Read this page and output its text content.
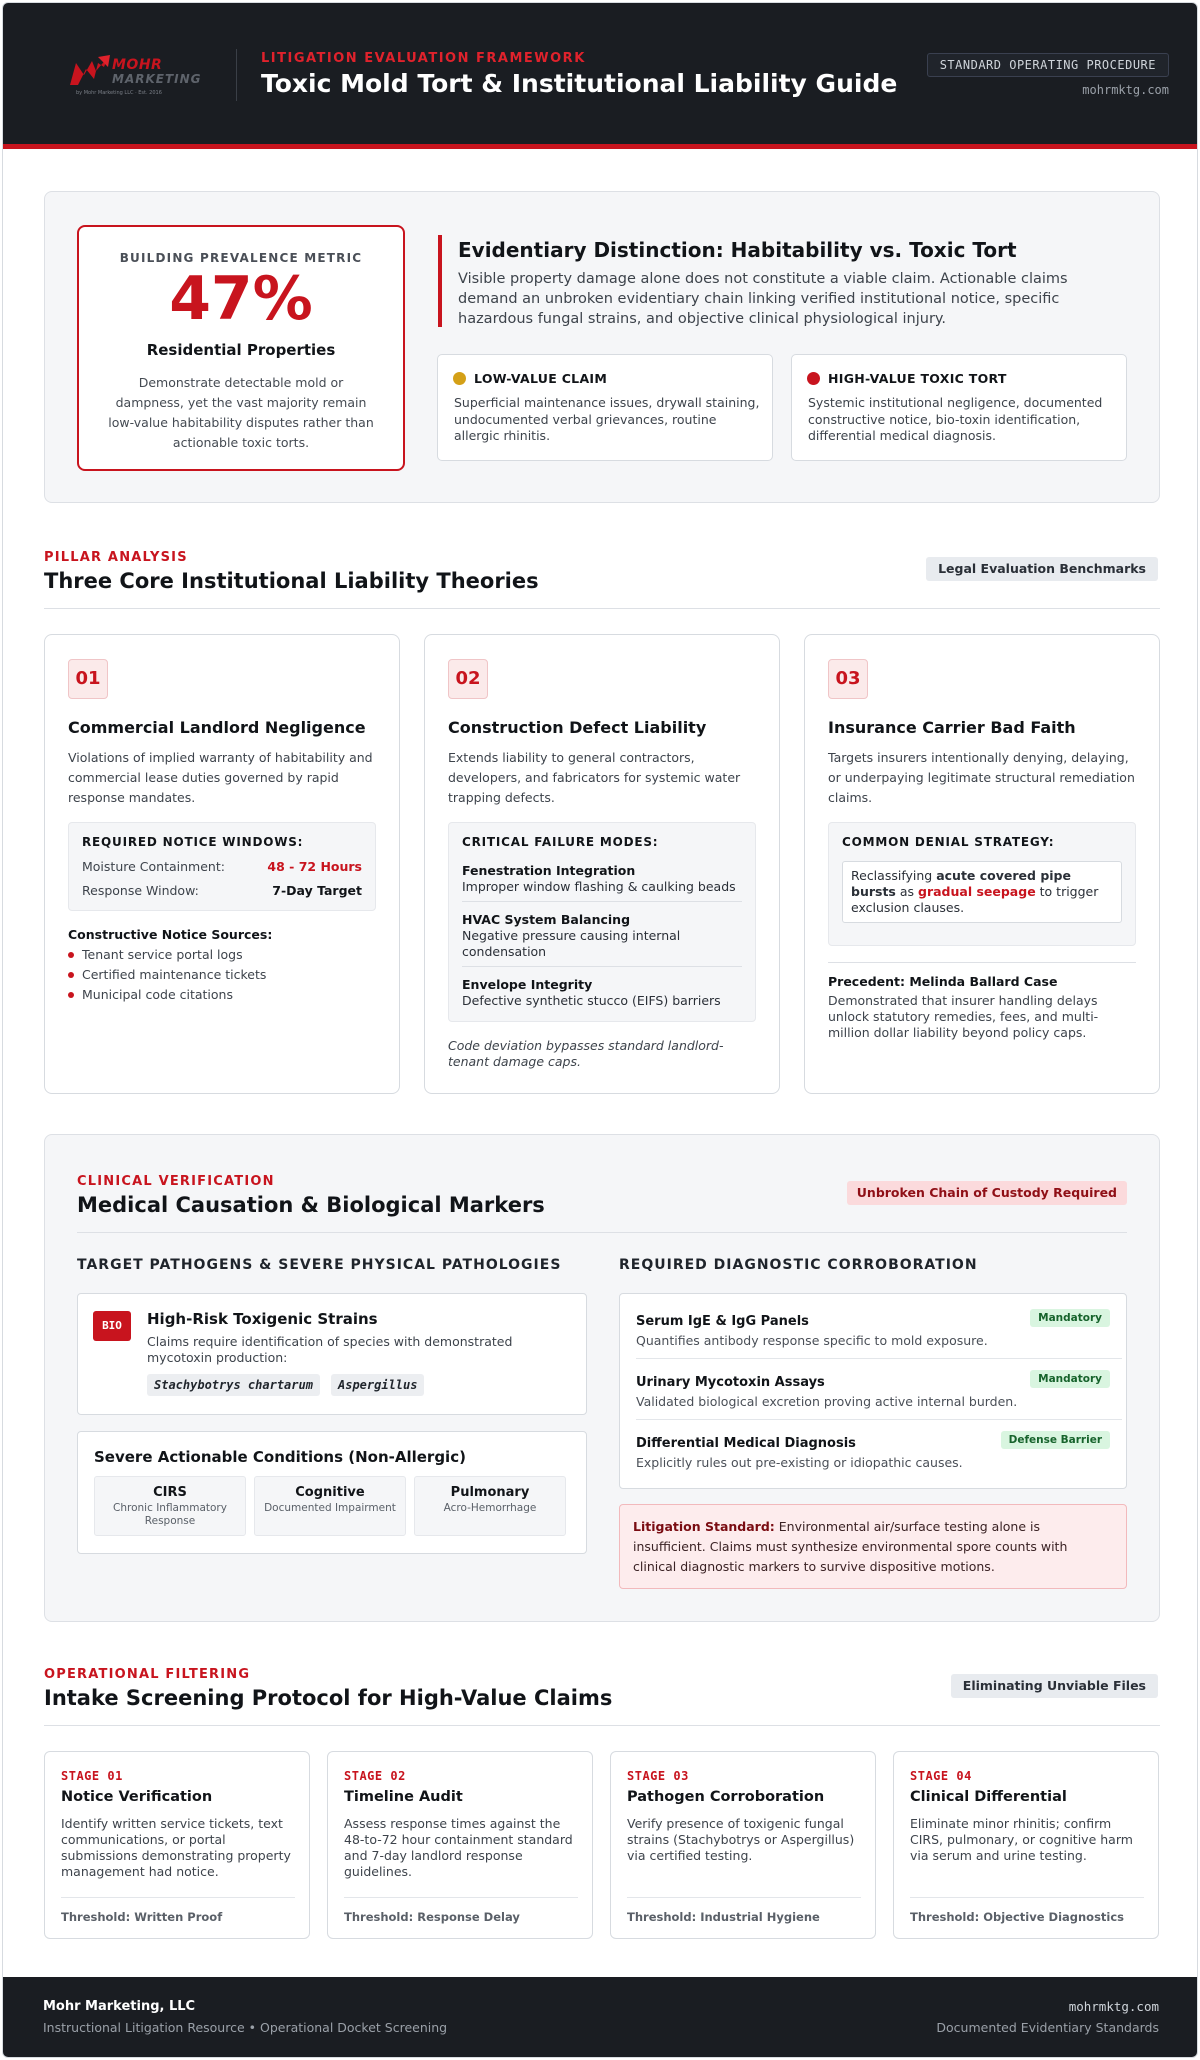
MOHR
MARKETING
by Mohr Marketing LLC · Est. 2016
LITIGATION EVALUATION FRAMEWORK
Toxic Mold Tort & Institutional Liability Guide
STANDARD OPERATING PROCEDURE
mohrmktg.com
BUILDING PREVALENCE METRIC
47%
Residential Properties
Demonstrate detectable mold or dampness, yet the vast majority remain low-value habitability disputes rather than actionable toxic torts.
Evidentiary Distinction: Habitability vs. Toxic Tort
Visible property damage alone does not constitute a viable claim. Actionable claims demand an unbroken evidentiary chain linking verified institutional notice, specific hazardous fungal strains, and objective clinical physiological injury.
LOW-VALUE CLAIM
Superficial maintenance issues, drywall staining, undocumented verbal grievances, routine allergic rhinitis.
HIGH-VALUE TOXIC TORT
Systemic institutional negligence, documented constructive notice, bio-toxin identification, differential medical diagnosis.
PILLAR ANALYSIS
Three Core Institutional Liability Theories
Legal Evaluation Benchmarks
01
Commercial Landlord Negligence
Violations of implied warranty of habitability and commercial lease duties governed by rapid response mandates.
REQUIRED NOTICE WINDOWS:
Moisture Containment:	48 - 72 Hours
Response Window:	7-Day Target
Constructive Notice Sources:
Tenant service portal logs
Certified maintenance tickets
Municipal code citations
02
Construction Defect Liability
Extends liability to general contractors, developers, and fabricators for systemic water trapping defects.
CRITICAL FAILURE MODES:
Fenestration Integration
Improper window flashing & caulking beads
HVAC System Balancing
Negative pressure causing internal condensation
Envelope Integrity
Defective synthetic stucco (EIFS) barriers
Code deviation bypasses standard landlord-tenant damage caps.
03
Insurance Carrier Bad Faith
Targets insurers intentionally denying, delaying, or underpaying legitimate structural remediation claims.
COMMON DENIAL STRATEGY:
Reclassifying acute covered pipe bursts as gradual seepage to trigger exclusion clauses.
Precedent: Melinda Ballard Case
Demonstrated that insurer handling delays unlock statutory remedies, fees, and multi-million dollar liability beyond policy caps.
CLINICAL VERIFICATION
Medical Causation & Biological Markers
Unbroken Chain of Custody Required
TARGET PATHOGENS & SEVERE PHYSICAL PATHOLOGIES
BIO	High-Risk Toxigenic Strains
Claims require identification of species with demonstrated mycotoxin production:
Stachybotrys chartarum	Aspergillus
Severe Actionable Conditions (Non-Allergic)
CIRS
Chronic Inflammatory Response
Cognitive
Documented Impairment
Pulmonary
Acro-Hemorrhage
REQUIRED DIAGNOSTIC CORROBORATION
Serum IgE & IgG Panels	Mandatory
Quantifies antibody response specific to mold exposure.
Urinary Mycotoxin Assays	Mandatory
Validated biological excretion proving active internal burden.
Differential Medical Diagnosis	Defense Barrier
Explicitly rules out pre-existing or idiopathic causes.
Litigation Standard: Environmental air/surface testing alone is insufficient. Claims must synthesize environmental spore counts with clinical diagnostic markers to survive dispositive motions.
OPERATIONAL FILTERING
Intake Screening Protocol for High-Value Claims
Eliminating Unviable Files
STAGE 01
Notice Verification
Identify written service tickets, text communications, or portal submissions demonstrating property management had notice.
Threshold: Written Proof
STAGE 02
Timeline Audit
Assess response times against the 48-to-72 hour containment standard and 7-day landlord response guidelines.
Threshold: Response Delay
STAGE 03
Pathogen Corroboration
Verify presence of toxigenic fungal strains (Stachybotrys or Aspergillus) via certified testing.
Threshold: Industrial Hygiene
STAGE 04
Clinical Differential
Eliminate minor rhinitis; confirm CIRS, pulmonary, or cognitive harm via serum and urine testing.
Threshold: Objective Diagnostics
Mohr Marketing, LLC
Instructional Litigation Resource • Operational Docket Screening
mohrmktg.com
Documented Evidentiary Standards
